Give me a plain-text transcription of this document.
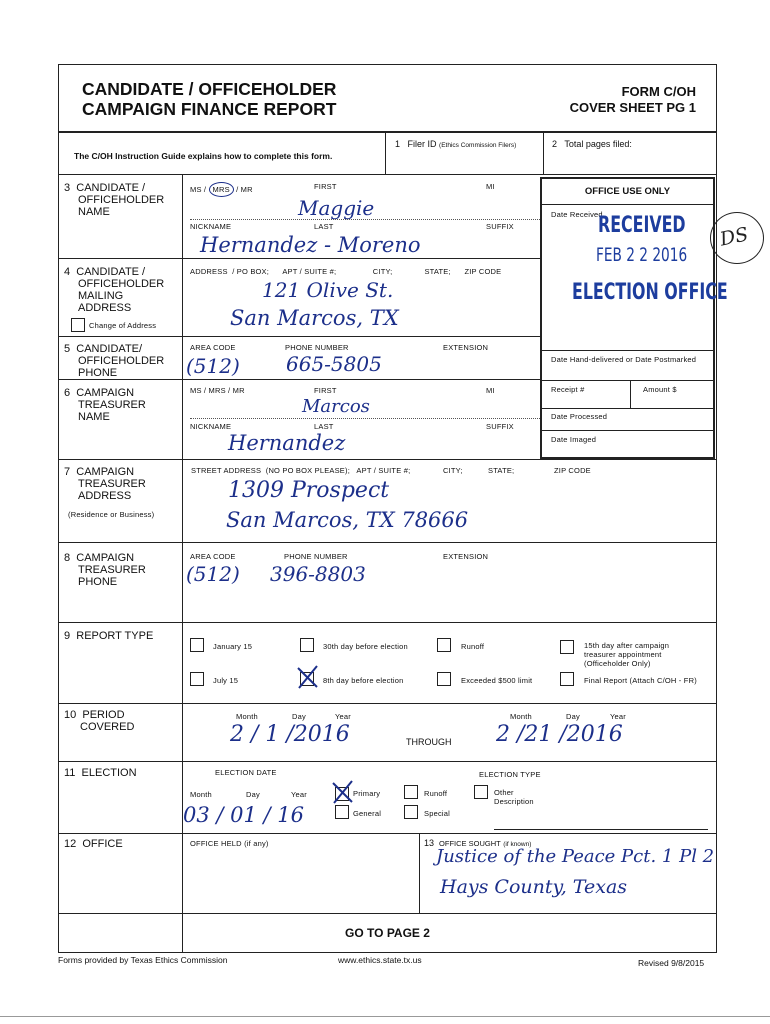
CANDIDATE / OFFICEHOLDER
CAMPAIGN FINANCE REPORT
FORM C/OH
COVER SHEET PG 1
The C/OH Instruction Guide explains how to complete this form.
1 Filer ID (Ethics Commission Filers)	2 Total pages filed:
3 CANDIDATE /
OFFICEHOLDER
NAME
MS / MRS / MR	FIRST	MI
Maggie
NICKNAME	LAST	SUFFIX
Hernandez - Moreno
OFFICE USE ONLY
Date Received
RECEIVED
FEB 2 2 2016
ELECTION OFFICE
DS
Date Hand-delivered or Date Postmarked
Receipt #	Amount $
Date Processed
Date Imaged
4 CANDIDATE /
OFFICEHOLDER
MAILING
ADDRESS
Change of Address
ADDRESS  / PO BOX;      APT / SUITE #;                CITY;              STATE;      ZIP CODE
121 Olive St.
San Marcos, TX
5 CANDIDATE/
OFFICEHOLDER
PHONE
AREA CODE	PHONE NUMBER	EXTENSION
(512) 665-5805
6 CAMPAIGN
TREASURER
NAME
MS / MRS / MR	FIRST	MI
Marcos
NICKNAME	LAST	SUFFIX
Hernandez
7 CAMPAIGN
TREASURER
ADDRESS
(Residence or Business)
STREET ADDRESS  (NO PO BOX PLEASE);   APT / SUITE #;	CITY;	STATE;	ZIP CODE
1309 Prospect
San Marcos, TX 78666
8 CAMPAIGN
TREASURER
PHONE
AREA CODE	PHONE NUMBER	EXTENSION
(512) 396-8803
9 REPORT TYPE
January 15
July 15
30th day before election
8th day before election
Runoff
Exceeded $500 limit
15th day after campaign
treasurer appointment
(Officeholder Only)
Final Report (Attach C/OH - FR)
10 PERIOD
COVERED
Month	Day	Year
2 / 1 /2016	THROUGH
Month	Day	Year
2 /21 /2016
11 ELECTION	ELECTION DATE
Month	Day	Year
03 / 01 / 16
ELECTION TYPE
Primary	Runoff	Other
Description
General	Special
12 OFFICE	OFFICE HELD (if any)	13 OFFICE SOUGHT (if known)
Justice of the Peace Pct. 1 Pl 2
Hays County, Texas
GO TO PAGE 2
Forms provided by Texas Ethics Commission	www.ethics.state.tx.us	Revised 9/8/2015
